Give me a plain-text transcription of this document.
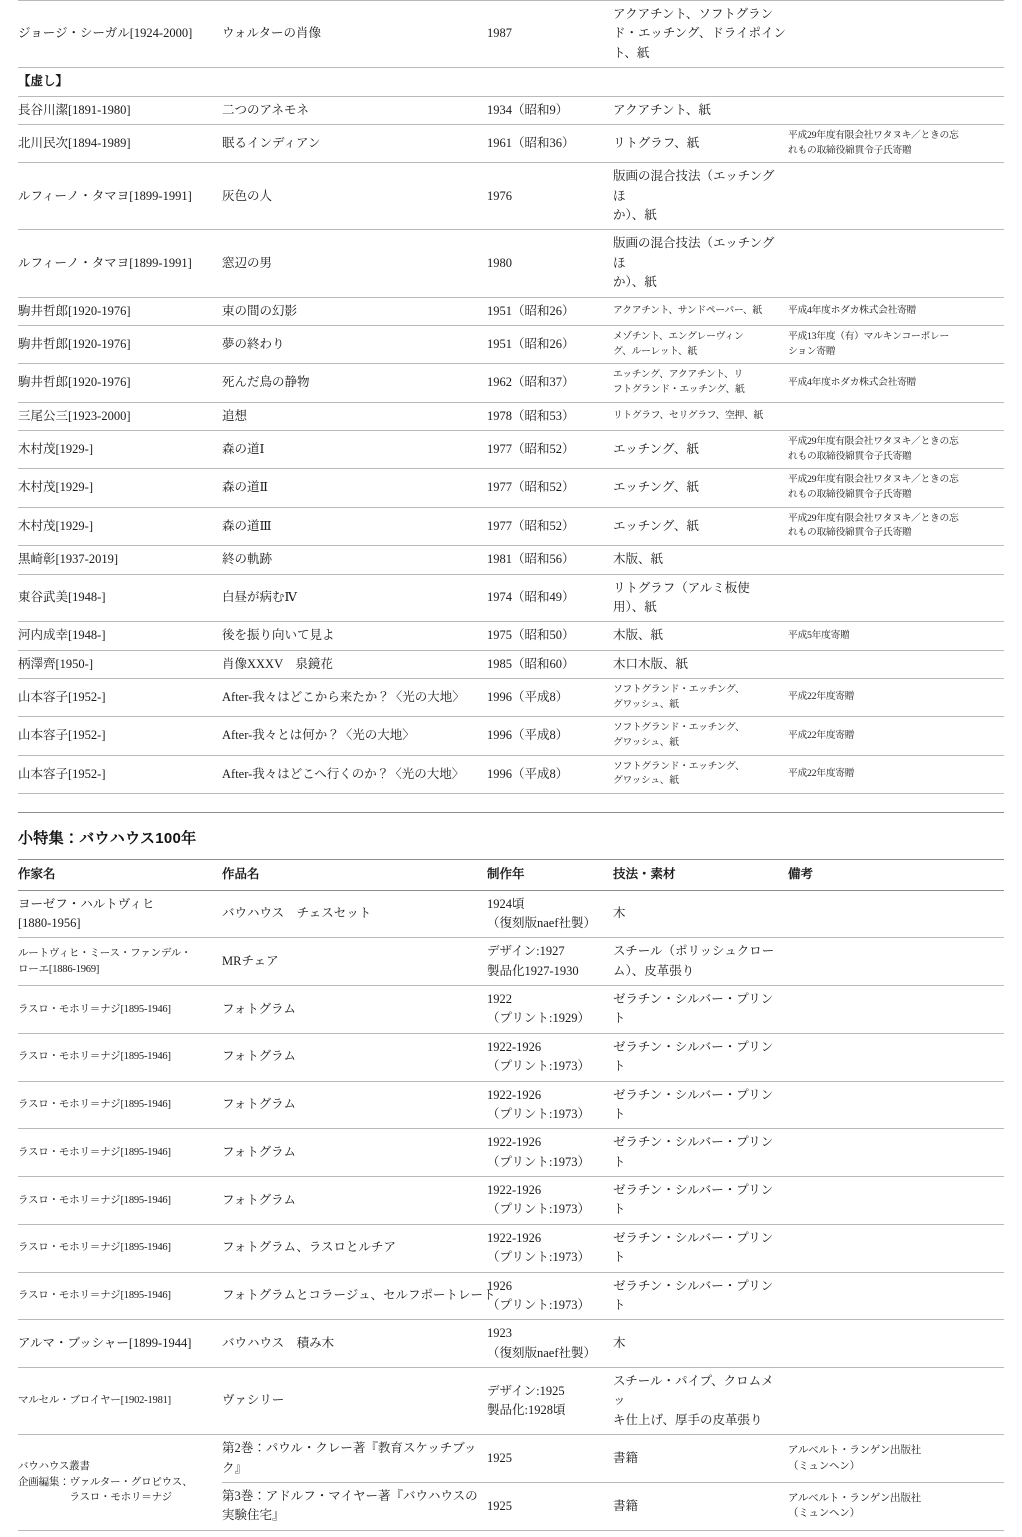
ジョージ・シーガル[1924-2000]	ウォルターの肖像	1987	アクアチント、ソフトグラン
ド・エッチング、ドライポイン
ト、紙	

【虚し】				

長谷川潔[1891-1980]	二つのアネモネ	1934（昭和9）	アクアチント、紙	

北川民次[1894-1989]	眠るインディアン	1961（昭和36）	リトグラフ、紙	平成29年度有限会社ワタヌキ／ときの忘
れもの取締役綿貫令子氏寄贈

ルフィーノ・タマヨ[1899-1991]	灰色の人	1976	版画の混合技法（エッチングほ
か）、紙	

ルフィーノ・タマヨ[1899-1991]	窓辺の男	1980	版画の混合技法（エッチングほ
か）、紙	

駒井哲郎[1920-1976]	束の間の幻影	1951（昭和26）	アクアチント、サンドペーパー、紙	平成4年度ホダカ株式会社寄贈

駒井哲郎[1920-1976]	夢の終わり	1951（昭和26）	メゾチント、エングレーヴィン
グ、ルーレット、紙	平成13年度（有）マルキンコーポレー
ション寄贈

駒井哲郎[1920-1976]	死んだ鳥の静物	1962（昭和37）	エッチング、アクアチント、リ
フトグランド・エッチング、紙	平成4年度ホダカ株式会社寄贈

三尾公三[1923-2000]	追想	1978（昭和53）	リトグラフ、セリグラフ、空押、紙	

木村茂[1929-]	森の道Ⅰ	1977（昭和52）	エッチング、紙	平成29年度有限会社ワタヌキ／ときの忘
れもの取締役綿貫令子氏寄贈

木村茂[1929-]	森の道Ⅱ	1977（昭和52）	エッチング、紙	平成29年度有限会社ワタヌキ／ときの忘
れもの取締役綿貫令子氏寄贈

木村茂[1929-]	森の道Ⅲ	1977（昭和52）	エッチング、紙	平成29年度有限会社ワタヌキ／ときの忘
れもの取締役綿貫令子氏寄贈

黒崎彰[1937-2019]	終の軌跡	1981（昭和56）	木版、紙	

東谷武美[1948-]	白昼が病むⅣ	1974（昭和49）	リトグラフ（アルミ板使
用）、紙	

河内成幸[1948-]	後を振り向いて見よ	1975（昭和50）	木版、紙	平成5年度寄贈

柄澤齊[1950-]	肖像XXXV　泉鏡花	1985（昭和60）	木口木版、紙	

山本容子[1952-]	After-我々はどこから来たか？〈光の大地〉	1996（平成8）	ソフトグランド・エッチング、
グワッシュ、紙	平成22年度寄贈

山本容子[1952-]	After-我々とは何か？〈光の大地〉	1996（平成8）	ソフトグランド・エッチング、
グワッシュ、紙	平成22年度寄贈

山本容子[1952-]	After-我々はどこへ行くのか？〈光の大地〉	1996（平成8）	ソフトグランド・エッチング、
グワッシュ、紙	平成22年度寄贈
小特集：バウハウス100年
作家名	作品名	制作年	技法・素材	備考

ヨーゼフ・ハルトヴィヒ
[1880-1956]	バウハウス　チェスセット	1924頃
（復刻版naef社製）	木	

ルートヴィヒ・ミース・ファンデル・
ローエ[1886-1969]	MRチェア	デザイン:1927
製品化1927-1930	スチール（ポリッシュクロー
ム）、皮革張り	

ラスロ・モホリ＝ナジ[1895-1946]	フォトグラム	1922
（プリント:1929）	ゼラチン・シルバー・プリン
ト	

ラスロ・モホリ＝ナジ[1895-1946]	フォトグラム	1922-1926
（プリント:1973）	ゼラチン・シルバー・プリン
ト	

ラスロ・モホリ＝ナジ[1895-1946]	フォトグラム	1922-1926
（プリント:1973）	ゼラチン・シルバー・プリン
ト	

ラスロ・モホリ＝ナジ[1895-1946]	フォトグラム	1922-1926
（プリント:1973）	ゼラチン・シルバー・プリン
ト	

ラスロ・モホリ＝ナジ[1895-1946]	フォトグラム	1922-1926
（プリント:1973）	ゼラチン・シルバー・プリン
ト	

ラスロ・モホリ＝ナジ[1895-1946]	フォトグラム、ラスロとルチア	1922-1926
（プリント:1973）	ゼラチン・シルバー・プリン
ト	

ラスロ・モホリ＝ナジ[1895-1946]	フォトグラムとコラージュ、セルフポートレート	1926
（プリント:1973）	ゼラチン・シルバー・プリン
ト	

アルマ・ブッシャー[1899-1944]	バウハウス　積み木	1923
（復刻版naef社製）	木	

マルセル・ブロイヤー[1902-1981]	ヴァシリー	デザイン:1925
製品化:1928頃	スチール・パイプ、クロムメッ
キ仕上げ、厚手の皮革張り	

バウハウス叢書
企画編集：ヴァルター・グロピウス、
　　　　　ラスロ・モホリ＝ナジ	第2巻：パウル・クレー著『教育スケッチブッ
ク』	1925	書籍	アルベルト・ランゲン出版社
（ミュンヘン）

	第3巻：アドルフ・マイヤー著『バウハウスの
実験住宅』	1925	書籍	アルベルト・ランゲン出版社
（ミュンヘン）
